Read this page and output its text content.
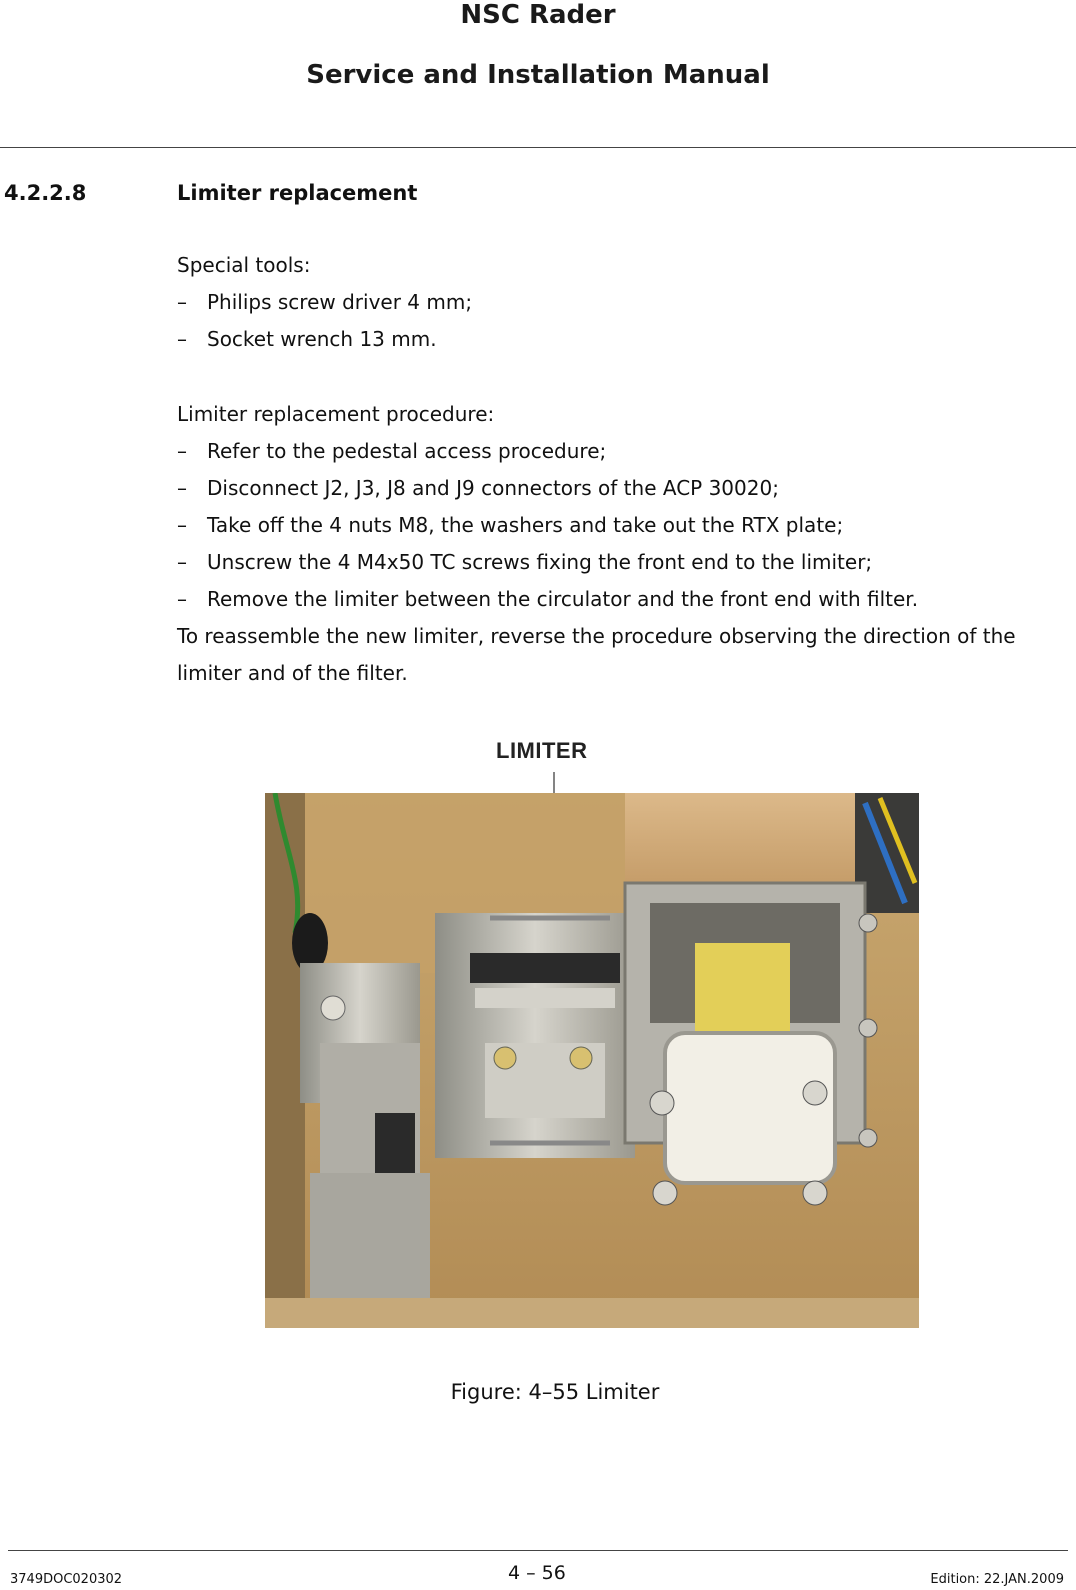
NSC Rader
Service and Installation Manual
4.2.2.8	Limiter replacement
Special tools:
– Philips screw driver 4 mm;
– Socket wrench 13 mm.
Limiter replacement procedure:
– Refer to the pedestal access procedure;
– Disconnect J2, J3, J8 and J9 connectors of the ACP 30020;
– Take off the 4 nuts M8, the washers and take out the RTX plate;
– Unscrew the 4 M4x50 TC screws fixing the front end to the limiter;
– Remove the limiter between the circulator and the front end with filter.
To reassemble the new limiter, reverse the procedure observing the direction of the limiter and of the filter.
LIMITER
Figure: 4–55 Limiter
3749DOC020302	4 – 56	Edition: 22.JAN.2009
